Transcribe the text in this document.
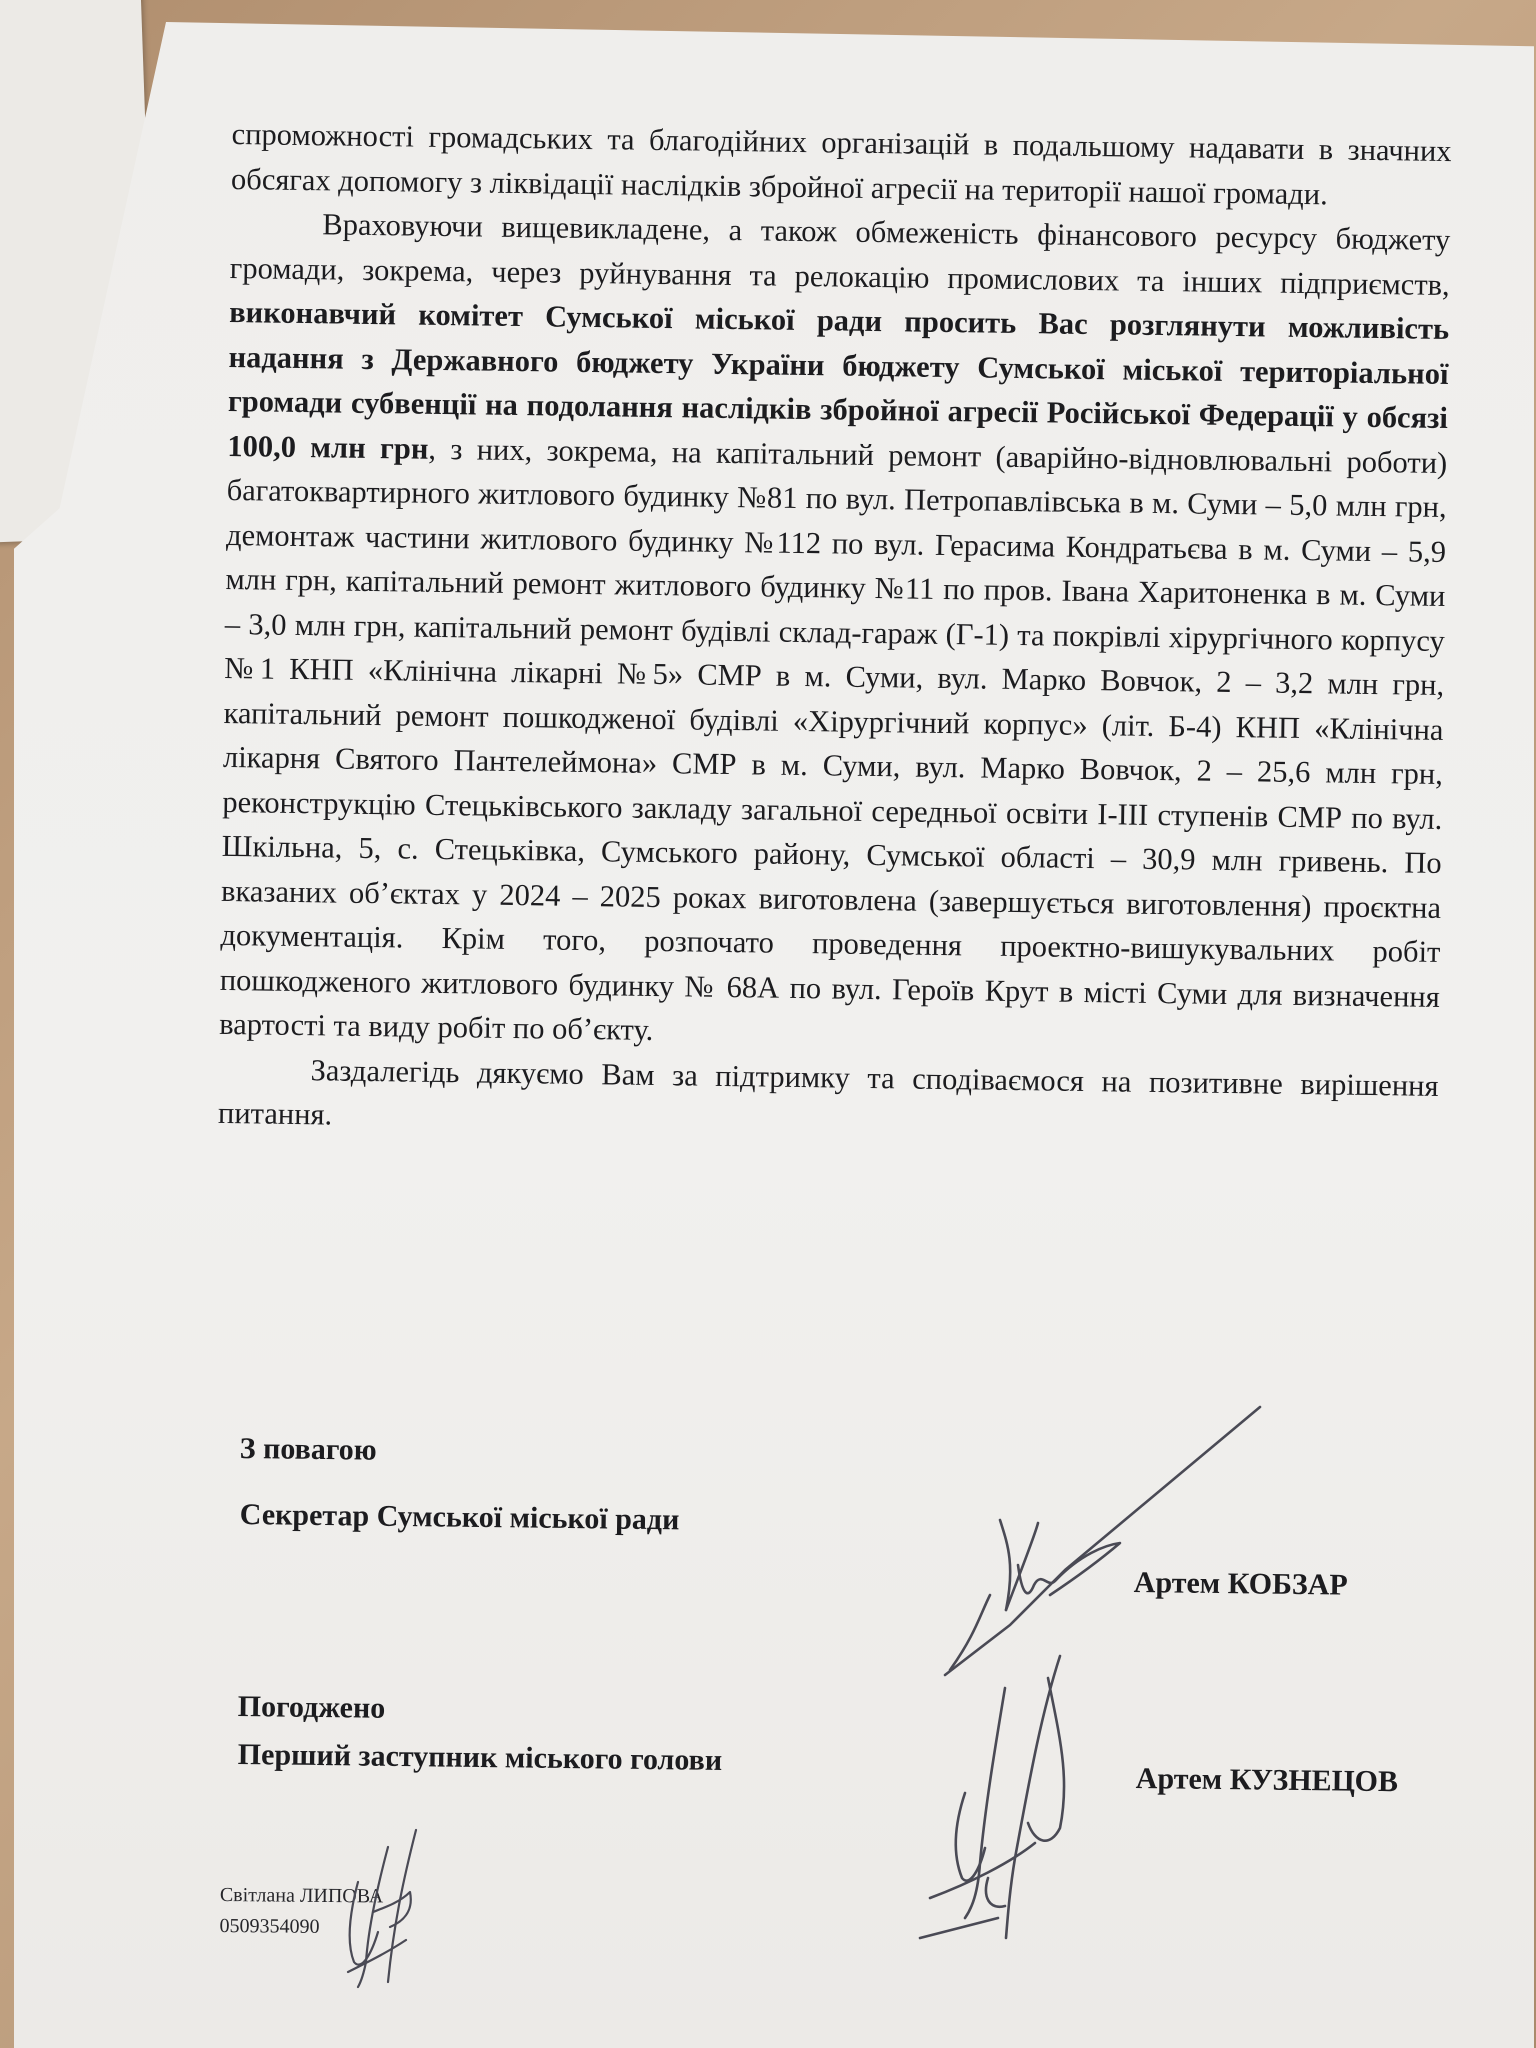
спроможності громадських та благодійних організацій в подальшому надавати в значних обсягах допомогу з ліквідації наслідків збройної агресії на території нашої громади.

Враховуючи вищевикладене, а також обмеженість фінансового ресурсу бюджету громади, зокрема, через руйнування та релокацію промислових та інших підприємств, виконавчий комітет Сумської міської ради просить Вас розглянути можливість надання з Державного бюджету України бюджету Сумської міської територіальної громади субвенції на подолання наслідків збройної агресії Російської Федерації у обсязі 100,0 млн грн, з них, зокрема, на капітальний ремонт (аварійно-відновлювальні роботи) багатоквартирного житлового будинку №81 по вул. Петропавлівська в м. Суми – 5,0 млн грн, демонтаж частини житлового будинку №112 по вул. Герасима Кондратьєва в м. Суми – 5,9 млн грн, капітальний ремонт житлового будинку №11 по пров. Івана Харитоненка в м. Суми – 3,0 млн грн, капітальний ремонт будівлі склад-гараж (Г-1) та покрівлі хірургічного корпусу №1 КНП «Клінічна лікарні №5» СМР в м. Суми, вул. Марко Вовчок, 2 – 3,2 млн грн, капітальний ремонт пошкодженої будівлі «Хірургічний корпус» (літ. Б-4) КНП «Клінічна лікарня Святого Пантелеймона» СМР в м. Суми, вул. Марко Вовчок, 2 – 25,6 млн грн, реконструкцію Стецьківського закладу загальної середньої освіти І-ІІІ ступенів СМР по вул. Шкільна, 5, с. Стецьківка, Сумського району, Сумської області – 30,9 млн гривень. По вказаних об’єктах у 2024 – 2025 роках виготовлена (завершується виготовлення) проєктна документація. Крім того, розпочато проведення проектно-вишукувальних робіт пошкодженого житлового будинку № 68А по вул. Героїв Крут в місті Суми для визначення вартості та виду робіт по об’єкту.

Заздалегідь дякуємо Вам за підтримку та сподіваємося на позитивне вирішення питання.

З повагою
Секретар Сумської міської ради
Артем КОБЗАР
Погоджено
Перший заступник міського голови
Артем КУЗНЕЦОВ
Світлана ЛИПОВА
0509354090
